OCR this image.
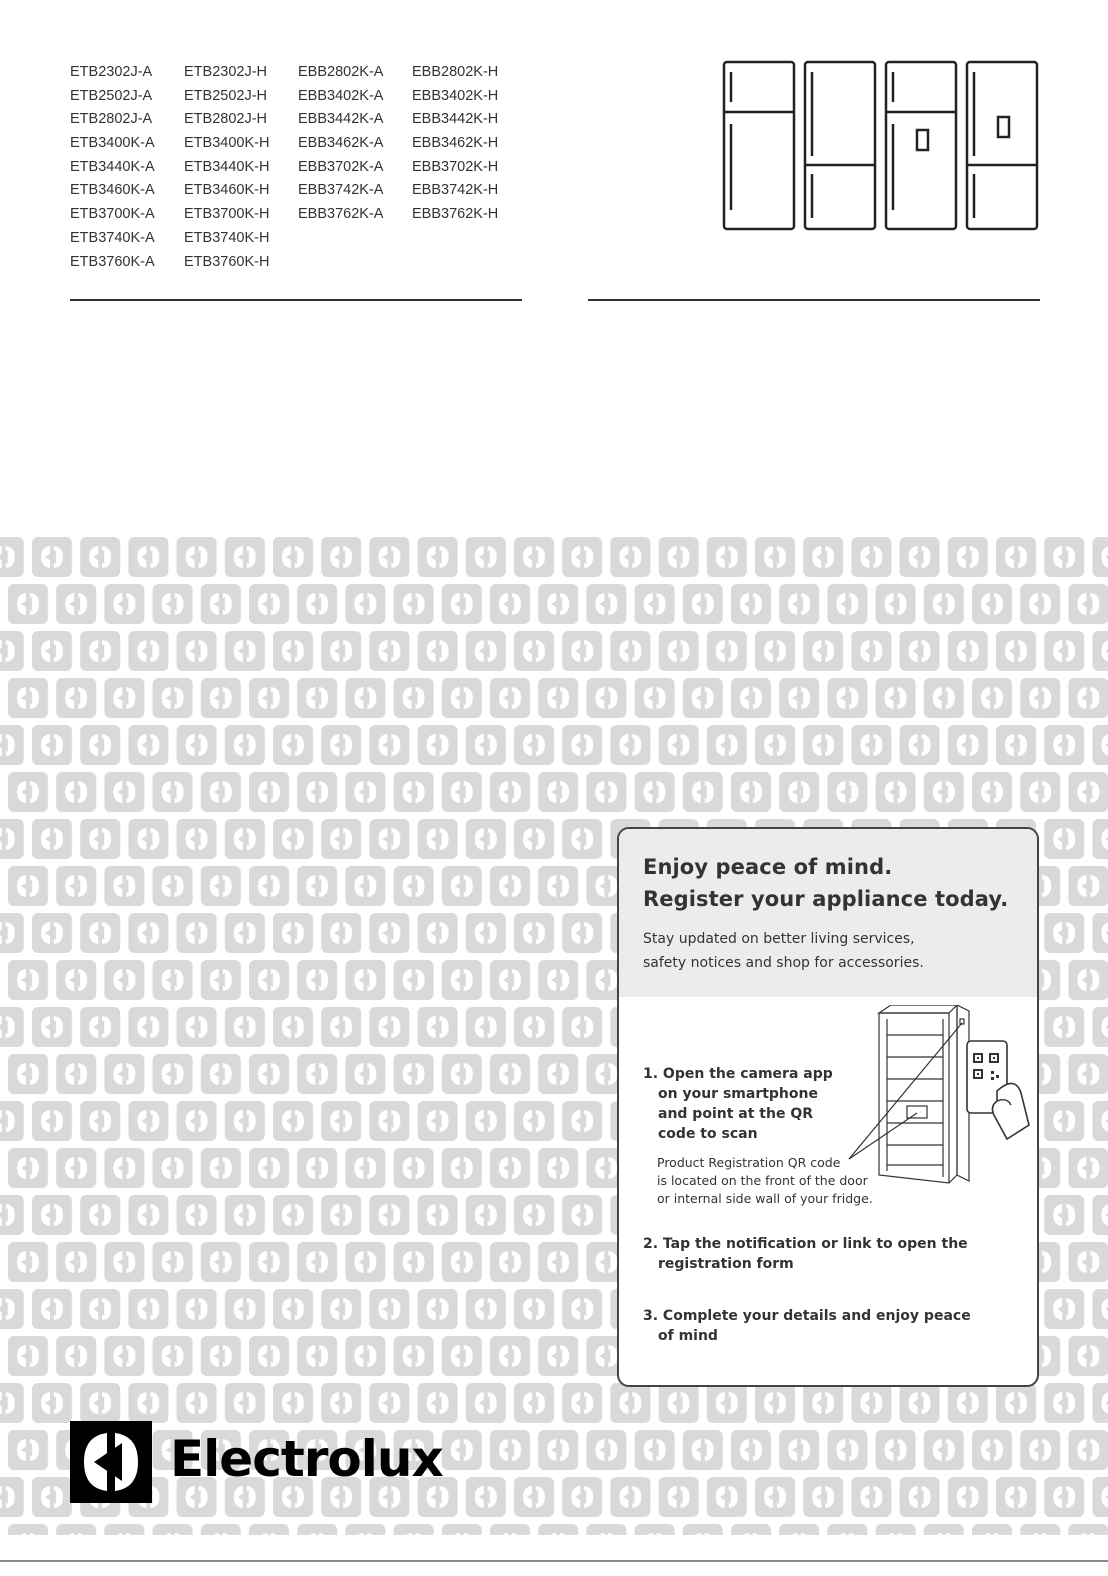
ETB2302J-A
ETB2502J-A
ETB2802J-A
ETB3400K-A
ETB3440K-A
ETB3460K-A
ETB3700K-A
ETB3740K-A
ETB3760K-A
ETB2302J-H
ETB2502J-H
ETB2802J-H
ETB3400K-H
ETB3440K-H
ETB3460K-H
ETB3700K-H
ETB3740K-H
ETB3760K-H
EBB2802K-A
EBB3402K-A
EBB3442K-A
EBB3462K-A
EBB3702K-A
EBB3742K-A
EBB3762K-A
EBB2802K-H
EBB3402K-H
EBB3442K-H
EBB3462K-H
EBB3702K-H
EBB3742K-H
EBB3762K-H
Enjoy peace of mind.
Register your appliance today.
Stay updated on better living services,
safety notices and shop for accessories.
1. Open the camera app
on your smartphone
and point at the QR
code to scan
Product Registration QR code
is located on the front of the door
or internal side wall of your fridge.
2. Tap the notification or link to open the
registration form
3. Complete your details and enjoy peace
of mind
Electrolux
